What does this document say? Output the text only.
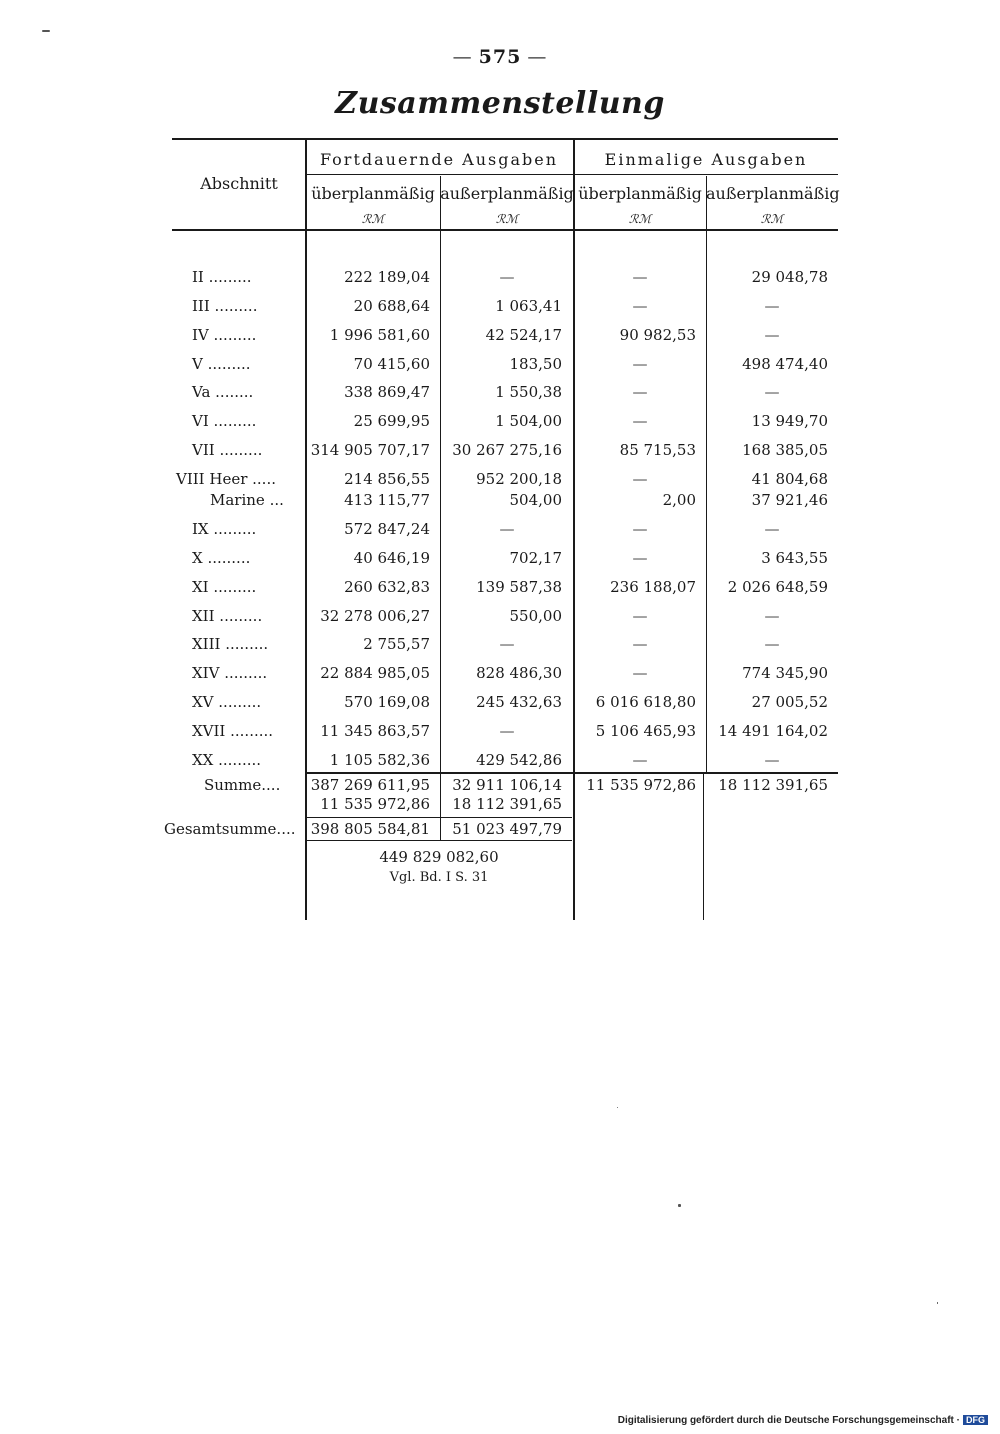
— 575 —
Zusammenstellung
Abschnitt
Fortdauernde Ausgaben	Einmalige Ausgaben
überplanmäßig außerplanmäßig überplanmäßig außerplanmäßig
ℛℳ	ℛℳ	ℛℳ	ℛℳ
II .........	222 189,04	—	—	29 048,78
III .........	20 688,64	1 063,41	—	—
IV .........	1 996 581,60	42 524,17	90 982,53	—
V .........	70 415,60	183,50	—	498 474,40
Va ........	338 869,47	1 550,38	—	—
VI .........	25 699,95	1 504,00	—	13 949,70
VII .........	314 905 707,17	30 267 275,16	85 715,53	168 385,05
VIII Heer .....	214 856,55	952 200,18	—	41 804,68
Marine ...	413 115,77	504,00	2,00	37 921,46
IX .........	572 847,24	—	—	—
X .........	40 646,19	702,17	—	3 643,55
XI .........	260 632,83	139 587,38	236 188,07	2 026 648,59
XII .........	32 278 006,27	550,00	—	—
XIII .........	2 755,57	—	—	—
XIV .........	22 884 985,05	828 486,30	—	774 345,90
XV .........	570 169,08	245 432,63	6 016 618,80	27 005,52
XVII .........	11 345 863,57	—	5 106 465,93	14 491 164,02
XX .........	1 105 582,36	429 542,86	—	—
Summe....	387 269 611,95	32 911 106,14	11 535 972,86	18 112 391,65
11 535 972,86	18 112 391,65
Gesamtsumme....	398 805 584,81	51 023 497,79
449 829 082,60
Vgl. Bd. I S. 31
Digitalisierung gefördert durch die Deutsche Forschungsgemeinschaft · DFG
